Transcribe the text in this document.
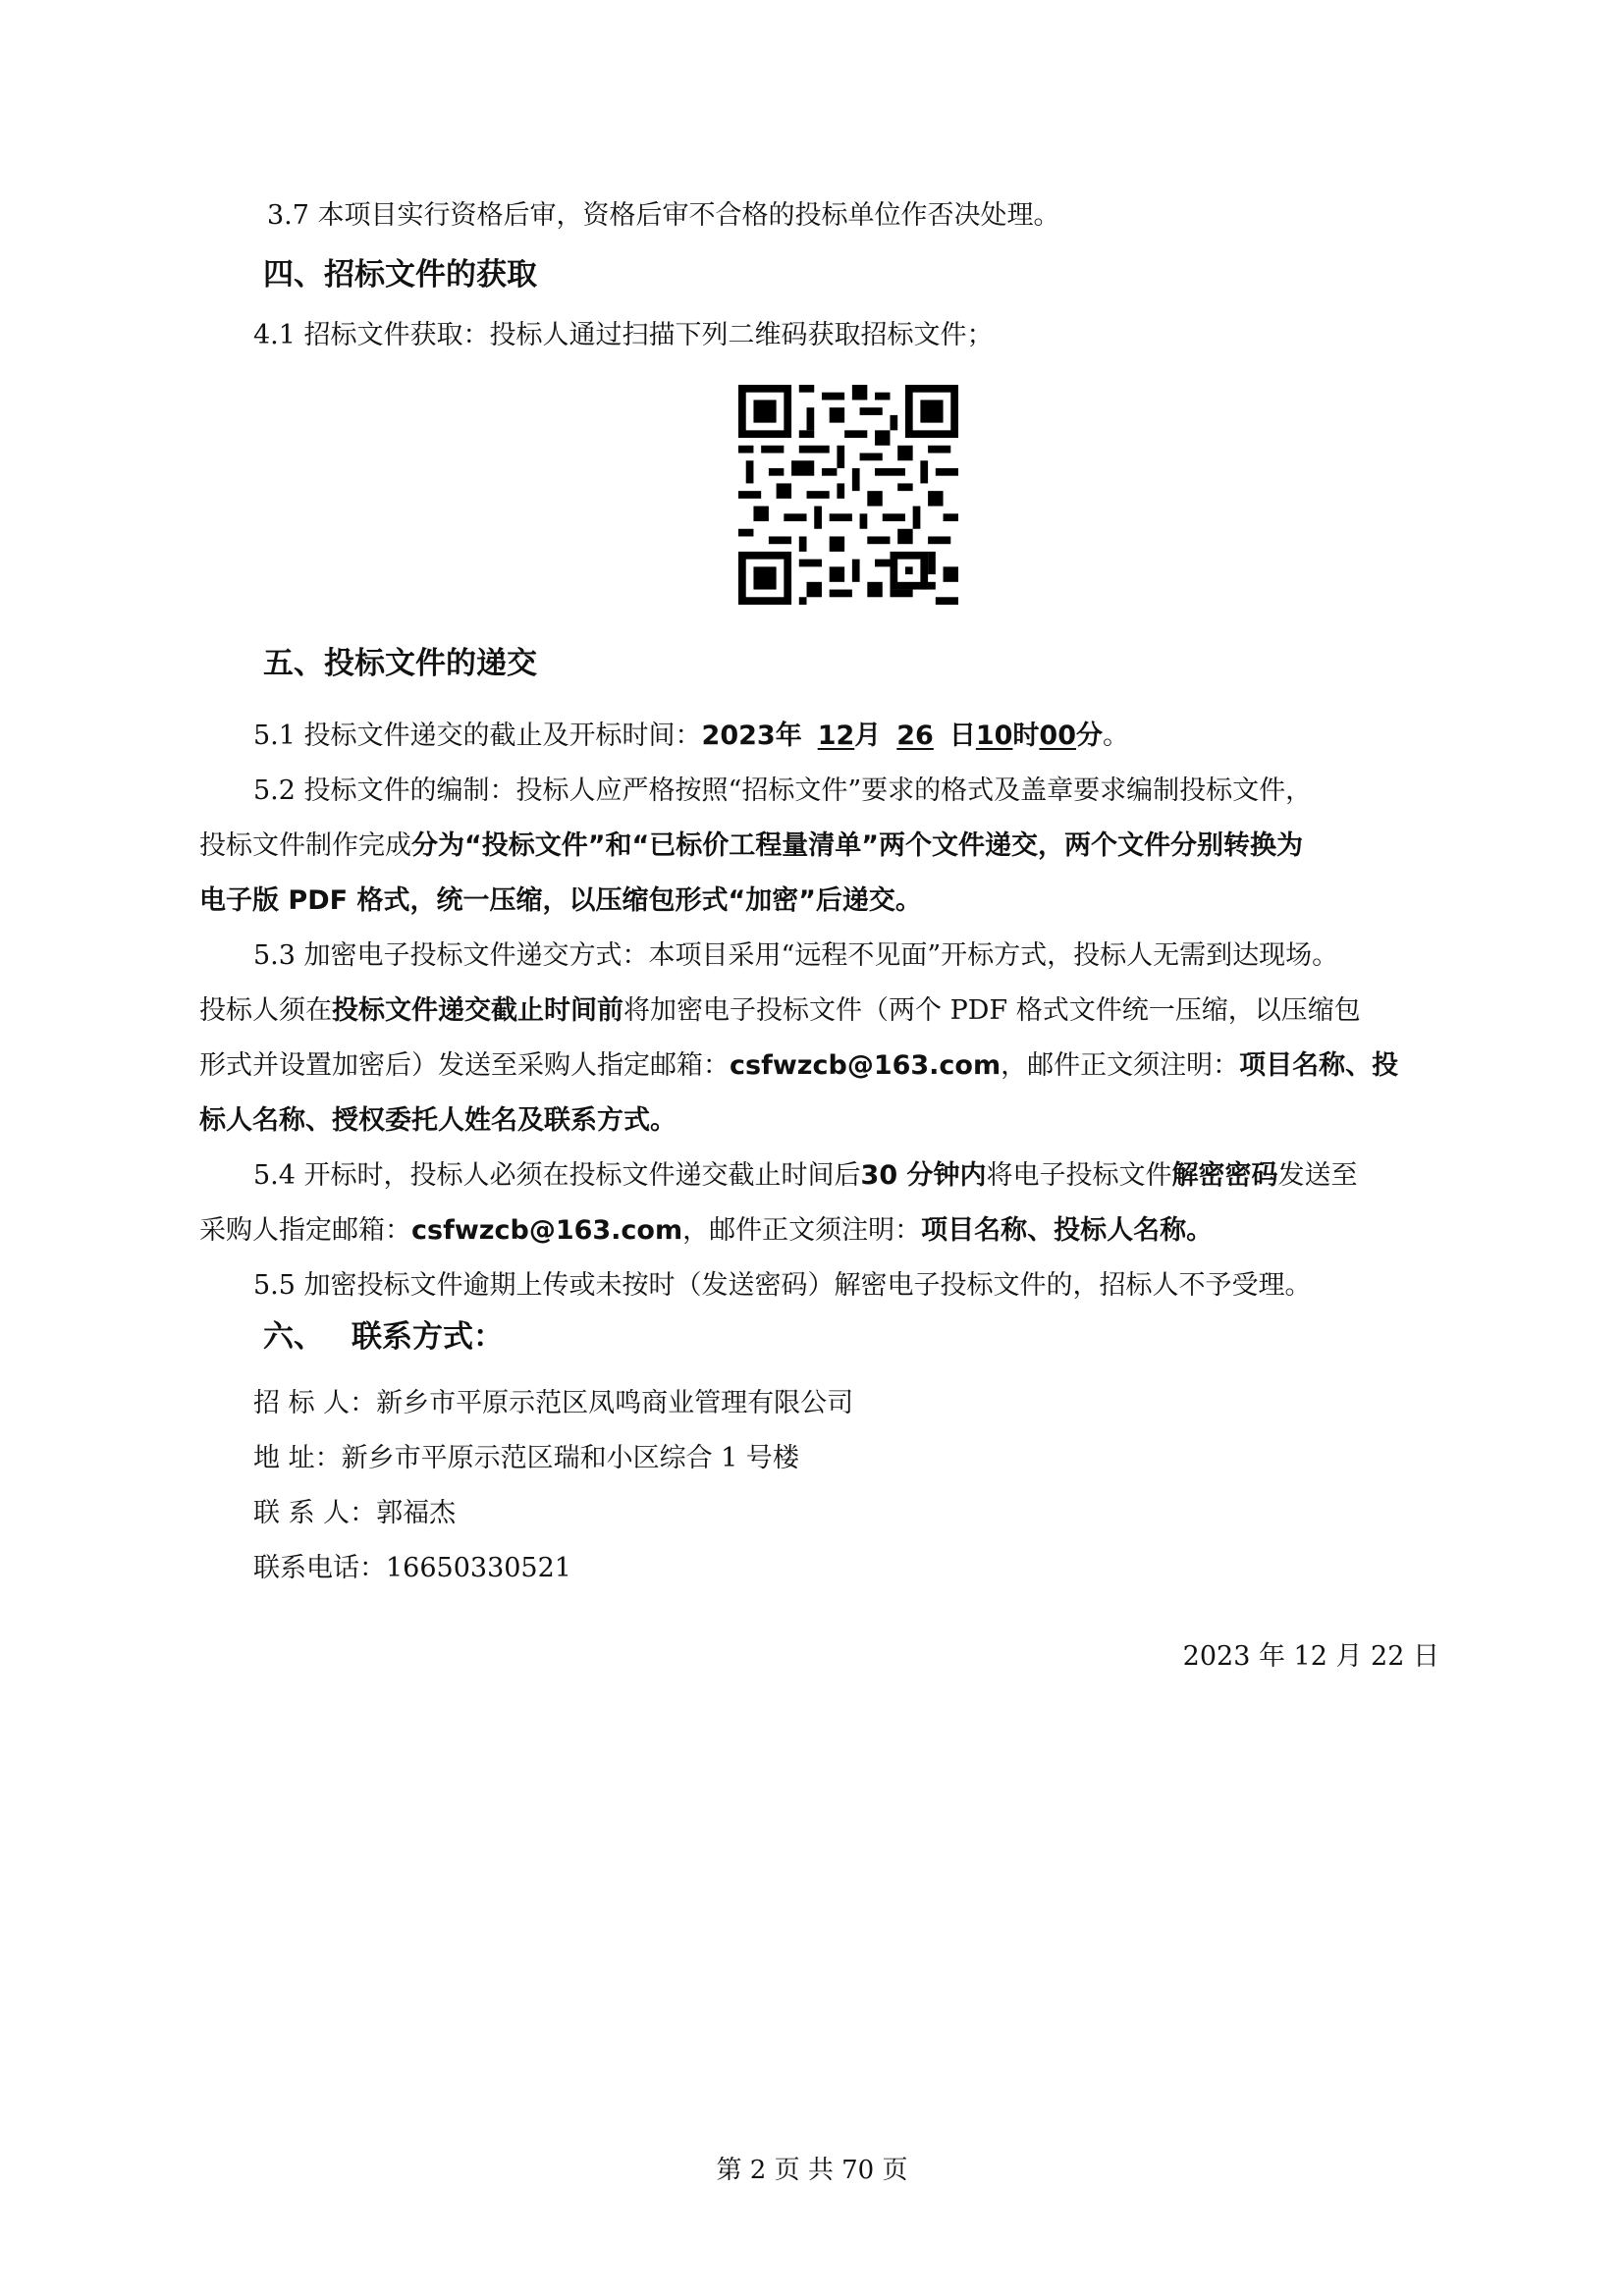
3.7 本项目实行资格后审，资格后审不合格的投标单位作否决处理。
四、招标文件的获取
4.1 招标文件获取：投标人通过扫描下列二维码获取招标文件；
五、投标文件的递交
5.1 投标文件递交的截止及开标时间：2023年 12月 26 日10时00分。
5.2 投标文件的编制：投标人应严格按照“招标文件”要求的格式及盖章要求编制投标文件，
投标文件制作完成分为“投标文件”和“已标价工程量清单”两个文件递交，两个文件分别转换为
电子版 PDF 格式，统一压缩，以压缩包形式“加密”后递交。
5.3 加密电子投标文件递交方式：本项目采用“远程不见面”开标方式，投标人无需到达现场。
投标人须在投标文件递交截止时间前将加密电子投标文件（两个 PDF 格式文件统一压缩，以压缩包
形式并设置加密后）发送至采购人指定邮箱：csfwzcb@163.com，邮件正文须注明：项目名称、投
标人名称、授权委托人姓名及联系方式。
5.4 开标时，投标人必须在投标文件递交截止时间后30 分钟内将电子投标文件解密密码发送至
采购人指定邮箱：csfwzcb@163.com，邮件正文须注明：项目名称、投标人名称。
5.5 加密投标文件逾期上传或未按时（发送密码）解密电子投标文件的，招标人不予受理。
六、 联系方式：
招 标 人：新乡市平原示范区凤鸣商业管理有限公司
地 址：新乡市平原示范区瑞和小区综合 1 号楼
联 系 人：郭福杰
联系电话：16650330521
2023 年 12 月 22 日
第 2 页 共 70 页
